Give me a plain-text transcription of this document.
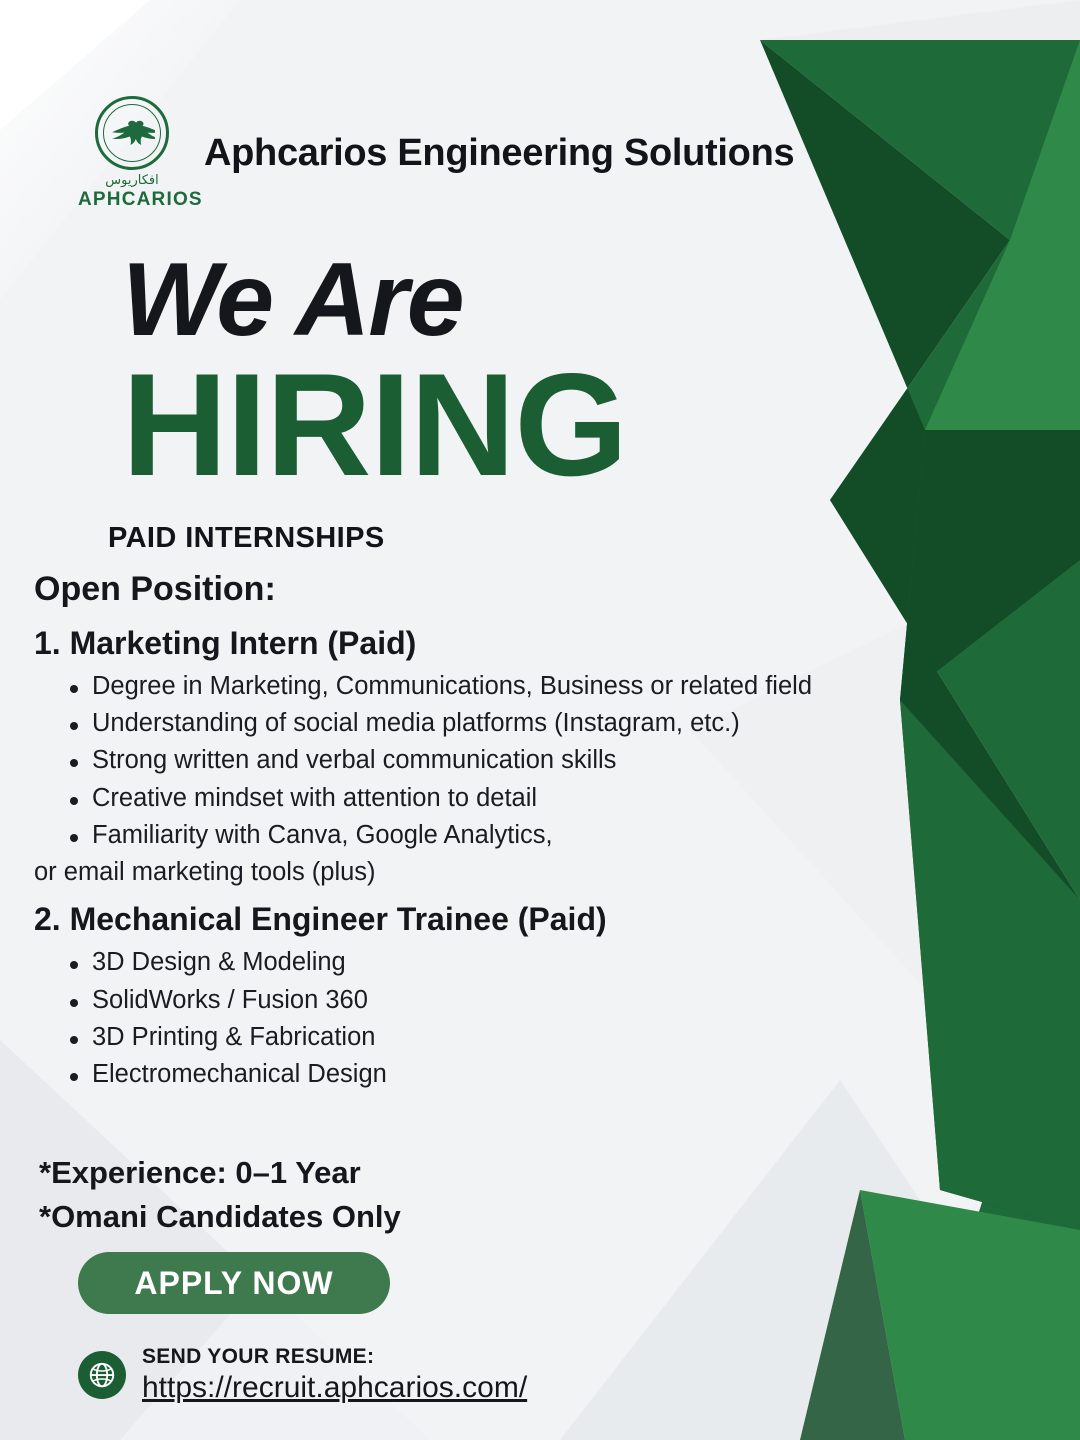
افكاريوس
APHCARIOS
Aphcarios Engineering Solutions
We Are
HIRING
PAID INTERNSHIPS
Open Position:
1. Marketing Intern (Paid)
Degree in Marketing, Communications, Business or related field
Understanding of social media platforms (Instagram, etc.)
Strong written and verbal communication skills
Creative mindset with attention to detail
Familiarity with Canva, Google Analytics,
or email marketing tools (plus)
2. Mechanical Engineer Trainee (Paid)
3D Design & Modeling
SolidWorks / Fusion 360
3D Printing & Fabrication
Electromechanical Design
*Experience: 0–1 Year
*Omani Candidates Only
APPLY NOW
SEND YOUR RESUME:
https://recruit.aphcarios.com/
